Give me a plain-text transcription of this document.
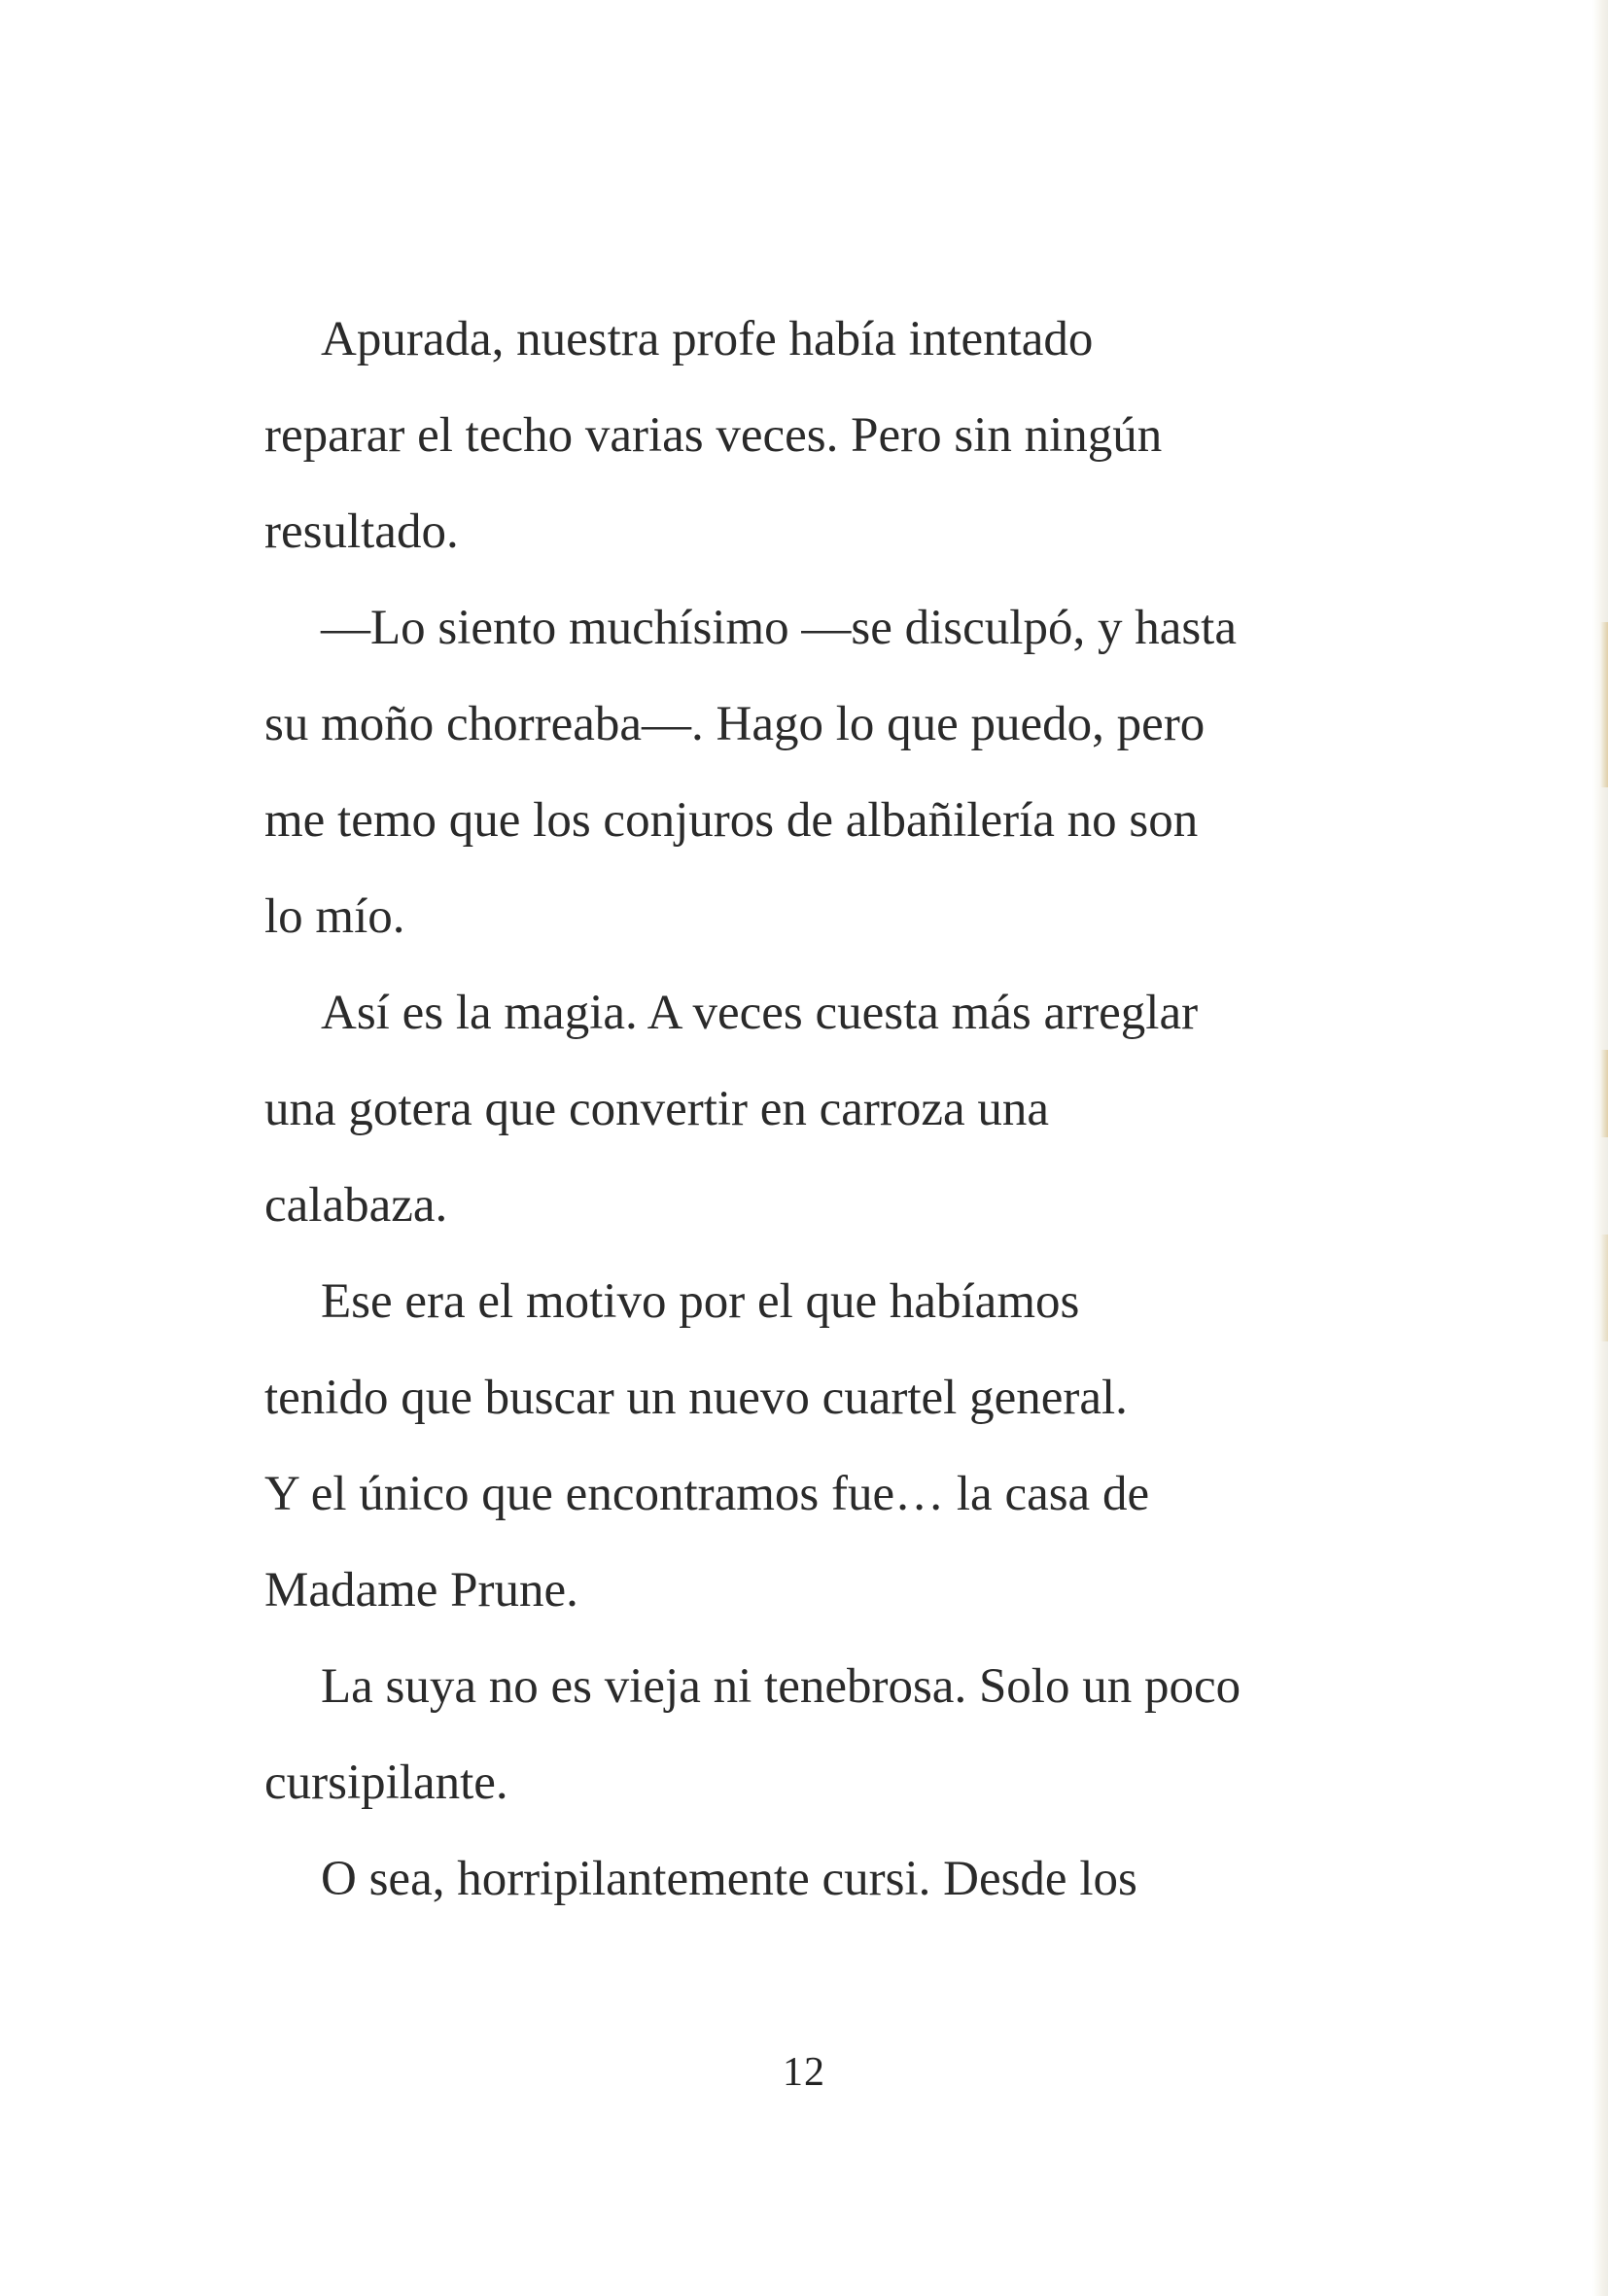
Apurada, nuestra profe había intentado
reparar el techo varias veces. Pero sin ningún
resultado.
—Lo siento muchísimo —se disculpó, y hasta
su moño chorreaba—. Hago lo que puedo, pero
me temo que los conjuros de albañilería no son
lo mío.
Así es la magia. A veces cuesta más arreglar
una gotera que convertir en carroza una
calabaza.
Ese era el motivo por el que habíamos
tenido que buscar un nuevo cuartel general.
Y el único que encontramos fue… la casa de
Madame Prune.
La suya no es vieja ni tenebrosa. Solo un poco
cursipilante.
O sea, horripilantemente cursi. Desde los
12
